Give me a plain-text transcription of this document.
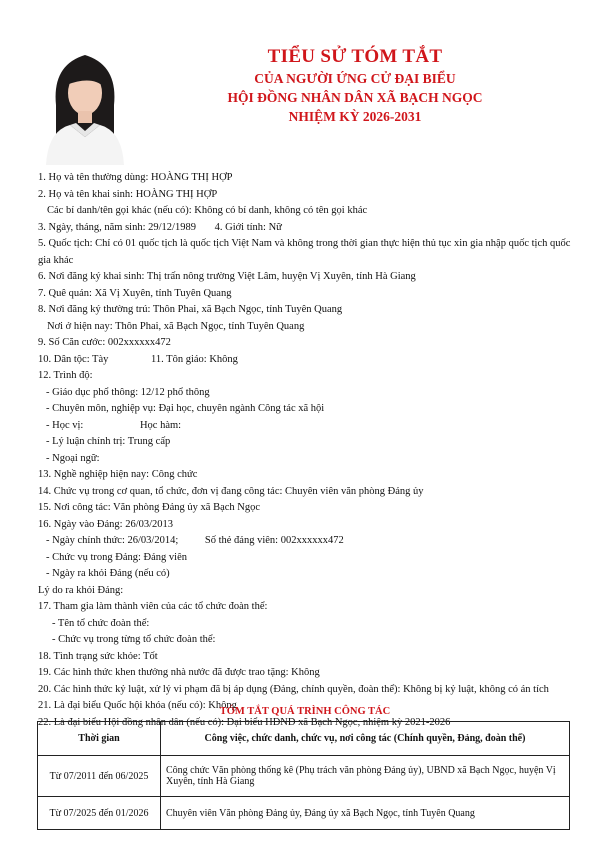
TIỂU SỬ TÓM TẮT
CỦA NGƯỜI ỨNG CỬ ĐẠI BIỂU
HỘI ĐỒNG NHÂN DÂN XÃ BẠCH NGỌC
NHIỆM KỲ 2026-2031
1. Họ và tên thường dùng: HOÀNG THỊ HỢP
2. Họ và tên khai sinh: HOÀNG THỊ HỢP
Các bí danh/tên gọi khác (nếu có): Không có bí danh, không có tên gọi khác
3. Ngày, tháng, năm sinh: 29/12/1989 4. Giới tính: Nữ
5. Quốc tịch: Chỉ có 01 quốc tịch là quốc tịch Việt Nam và không trong thời gian thực hiện thủ tục xin gia nhập quốc tịch quốc gia khác
6. Nơi đăng ký khai sinh: Thị trấn nông trường Việt Lâm, huyện Vị Xuyên, tỉnh Hà Giang
7. Quê quán: Xã Vị Xuyên, tỉnh Tuyên Quang
8. Nơi đăng ký thường trú: Thôn Phai, xã Bạch Ngọc, tỉnh Tuyên Quang
Nơi ở hiện nay: Thôn Phai, xã Bạch Ngọc, tỉnh Tuyên Quang
9. Số Căn cước: 002xxxxxx472
10. Dân tộc: Tày	11. Tôn giáo: Không
12. Trình độ:
- Giáo dục phổ thông: 12/12 phổ thông
- Chuyên môn, nghiệp vụ: Đại học, chuyên ngành Công tác xã hội
- Học vị:	Học hàm:
- Lý luận chính trị: Trung cấp
- Ngoại ngữ:
13. Nghề nghiệp hiện nay: Công chức
14. Chức vụ trong cơ quan, tổ chức, đơn vị đang công tác: Chuyên viên văn phòng Đảng ủy
15. Nơi công tác: Văn phòng Đảng ủy xã Bạch Ngọc
16. Ngày vào Đảng: 26/03/2013
- Ngày chính thức: 26/03/2014;	Số thẻ đảng viên: 002xxxxxx472
- Chức vụ trong Đảng: Đảng viên
- Ngày ra khỏi Đảng (nếu có)
Lý do ra khỏi Đảng:
17. Tham gia làm thành viên của các tổ chức đoàn thể:
- Tên tổ chức đoàn thể:
- Chức vụ trong từng tổ chức đoàn thể:
18. Tình trạng sức khỏe: Tốt
19. Các hình thức khen thưởng nhà nước đã được trao tặng: Không
20. Các hình thức kỷ luật, xử lý vi phạm đã bị áp dụng (Đảng, chính quyền, đoàn thể): Không bị kỷ luật, không có án tích
21. Là đại biểu Quốc hội khóa (nếu có): Không
22. Là đại biểu Hội đồng nhân dân (nếu có): Đại biểu HĐND xã Bạch Ngọc, nhiệm kỳ 2021-2026
TÓM TẮT QUÁ TRÌNH CÔNG TÁC
Thời gian	Công việc, chức danh, chức vụ, nơi công tác (Chính quyền, Đảng, đoàn thể)
Từ 07/2011 đến 06/2025	Công chức Văn phòng thống kê (Phụ trách văn phòng Đảng ủy), UBND xã Bạch Ngọc, huyện Vị Xuyên, tỉnh Hà Giang
Từ 07/2025 đến 01/2026	Chuyên viên Văn phòng Đảng ủy, Đảng ủy xã Bạch Ngọc, tỉnh Tuyên Quang
